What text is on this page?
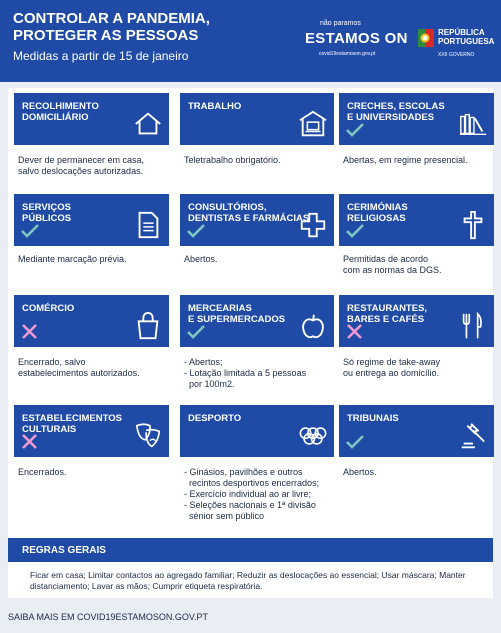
CONTROLAR A PANDEMIA,
PROTEGER AS PESSOAS
Medidas a partir de 15 de janeiro
não paramos
ESTAMOS ON
covid19estamoson.gov.pt
REPÚBLICA
PORTUGUESA
XXII GOVERNO
RECOLHIMENTO
DOMICILIÁRIO
Dever de permanecer em casa,
salvo deslocações autorizadas.
TRABALHO
Teletrabalho obrigatório.
CRECHES, ESCOLAS
E UNIVERSIDADES
Abertas, em regime presencial.
SERVIÇOS
PÚBLICOS
Mediante marcação prévia.
CONSULTÓRIOS,
DENTISTAS E FARMÁCIAS
Abertos.
CERIMÓNIAS
RELIGIOSAS
Permitidas de acordo
com as normas da DGS.
COMÉRCIO
Encerrado, salvo
estabelecimentos autorizados.
MERCEARIAS
E SUPERMERCADOS
- Abertos;
- Lotação limitada a 5 pessoas
por 100m2.
RESTAURANTES,
BARES E CAFÉS
Só regime de take-away
ou entrega ao domicílio.
ESTABELECIMENTOS
CULTURAIS
Encerrados.
DESPORTO
- Ginásios, pavilhões e outros
recintos desportivos encerrados;
- Exercício individual ao ar livre;
- Seleções nacionais e 1ª divisão
sénior sem público
TRIBUNAIS
Abertos.
REGRAS GERAIS
Ficar em casa; Limitar contactos ao agregado familiar; Reduzir as deslocações ao essencial; Usar máscara; Manter distanciamento; Lavar as mãos; Cumprir etiqueta respiratória.
SAIBA MAIS EM COVID19ESTAMOSON.GOV.PT
